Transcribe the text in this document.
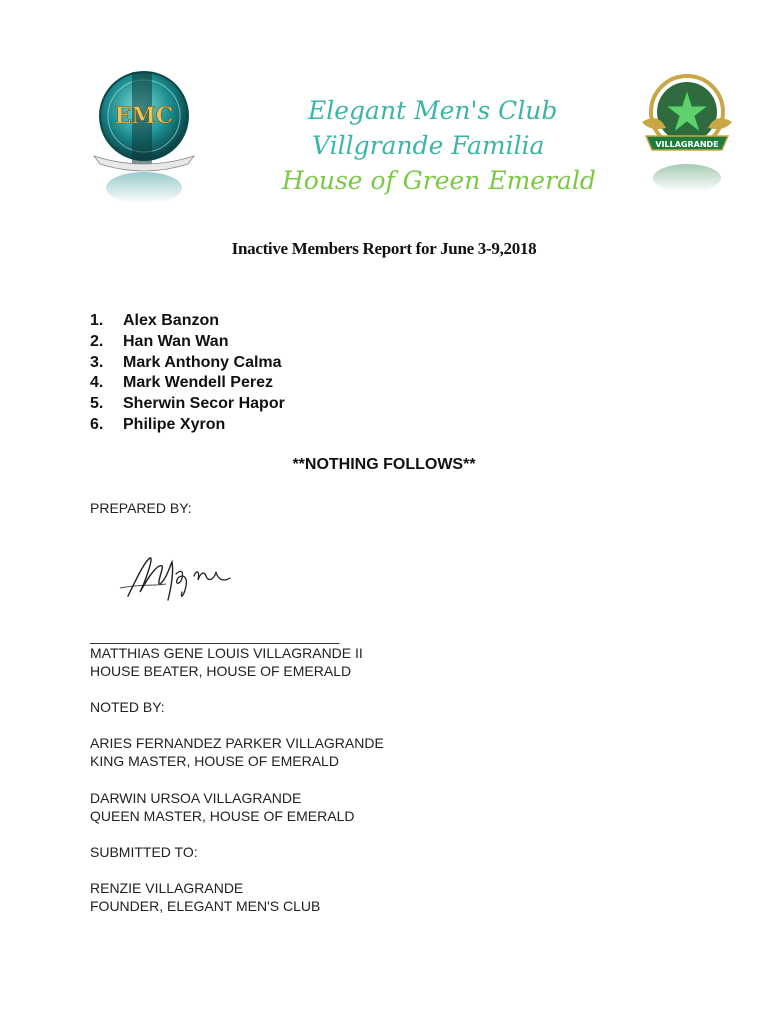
EMC
VILLAGRANDE
Elegant Men's Club
Villgrande Familia
House of Green Emerald
Inactive Members Report for June 3-9,2018
1. Alex Banzon
2. Han Wan Wan
3. Mark Anthony Calma
4. Mark Wendell Perez
5. Sherwin Secor Hapor
6. Philipe Xyron
**NOTHING FOLLOWS**
PREPARED BY:
________________________________
MATTHIAS GENE LOUIS VILLAGRANDE II
HOUSE BEATER, HOUSE OF EMERALD
NOTED BY:
ARIES FERNANDEZ PARKER VILLAGRANDE
KING MASTER, HOUSE OF EMERALD
DARWIN URSOA VILLAGRANDE
QUEEN MASTER, HOUSE OF EMERALD
SUBMITTED TO:
RENZIE VILLAGRANDE
FOUNDER, ELEGANT MEN'S CLUB
